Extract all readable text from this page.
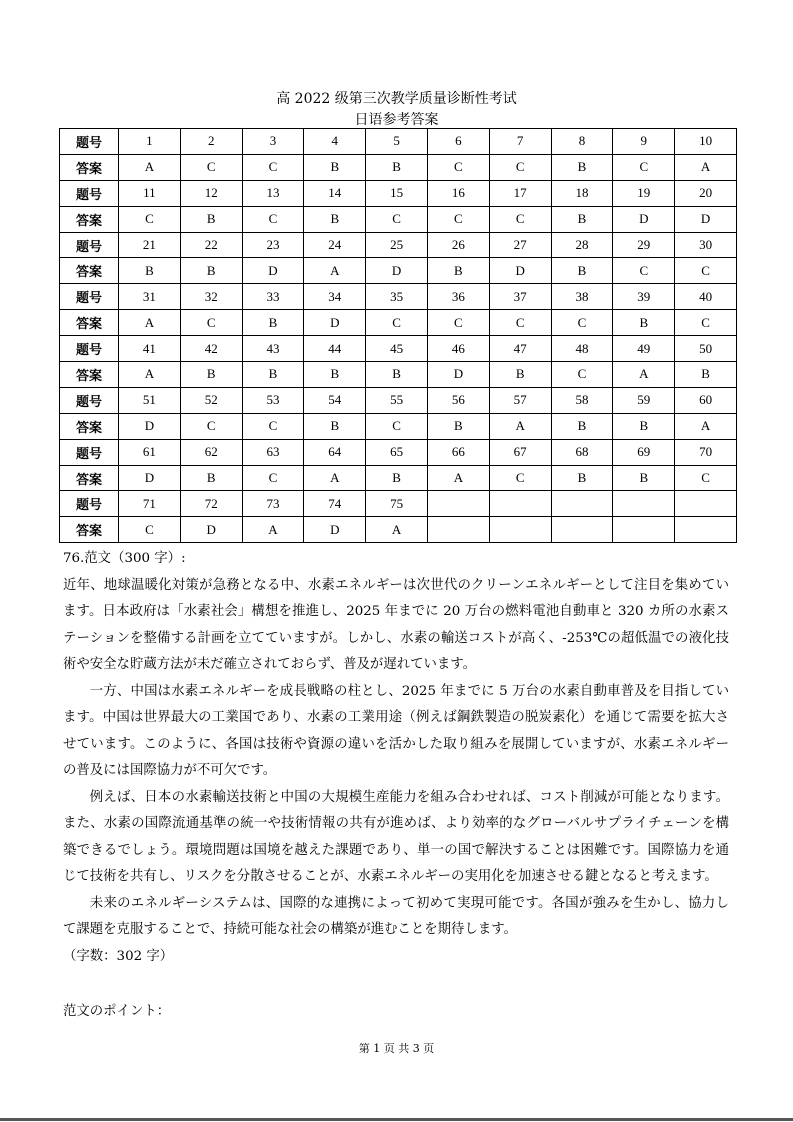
高 2022 级第三次教学质量诊断性考试
日语参考答案
题号	1	2	3	4	5	6	7	8	9	10
答案	A	C	C	B	B	C	C	B	C	A
题号	11	12	13	14	15	16	17	18	19	20
答案	C	B	C	B	C	C	C	B	D	D
题号	21	22	23	24	25	26	27	28	29	30
答案	B	B	D	A	D	B	D	B	C	C
题号	31	32	33	34	35	36	37	38	39	40
答案	A	C	B	D	C	C	C	C	B	C
题号	41	42	43	44	45	46	47	48	49	50
答案	A	B	B	B	B	D	B	C	A	B
题号	51	52	53	54	55	56	57	58	59	60
答案	D	C	C	B	C	B	A	B	B	A
题号	61	62	63	64	65	66	67	68	69	70
答案	D	B	C	A	B	A	C	B	B	C
题号	71	72	73	74	75					
答案	C	D	A	D	A					

76.范文（300 字）:

近年、地球温暖化対策が急務となる中、水素エネルギーは次世代のクリーンエネルギーとして注目を集めています。日本政府は「水素社会」構想を推進し、2025 年までに 20 万台の燃料電池自動車と 320 カ所の水素ステーションを整備する計画を立てていますが。しかし、水素の輸送コストが高く、-253℃の超低温での液化技術や安全な貯蔵方法が未だ確立されておらず、普及が遅れています。

一方、中国は水素エネルギーを成長戦略の柱とし、2025 年までに 5 万台の水素自動車普及を目指しています。中国は世界最大の工業国であり、水素の工業用途（例えば鋼鉄製造の脱炭素化）を通じて需要を拡大させています。このように、各国は技術や資源の違いを活かした取り組みを展開していますが、水素エネルギーの普及には国際協力が不可欠です。

例えば、日本の水素輸送技術と中国の大規模生産能力を組み合わせれば、コスト削減が可能となります。また、水素の国際流通基準の統一や技術情報の共有が進めば、より効率的なグローバルサプライチェーンを構築できるでしょう。環境問題は国境を越えた課題であり、単一の国で解決することは困難です。国際協力を通じて技術を共有し、リスクを分散させることが、水素エネルギーの実用化を加速させる鍵となると考えます。

未来のエネルギーシステムは、国際的な連携によって初めて実現可能です。各国が強みを生かし、協力して課題を克服することで、持続可能な社会の構築が進むことを期待します。

（字数：302 字）

范文のポイント：
第 1 页 共 3 页
